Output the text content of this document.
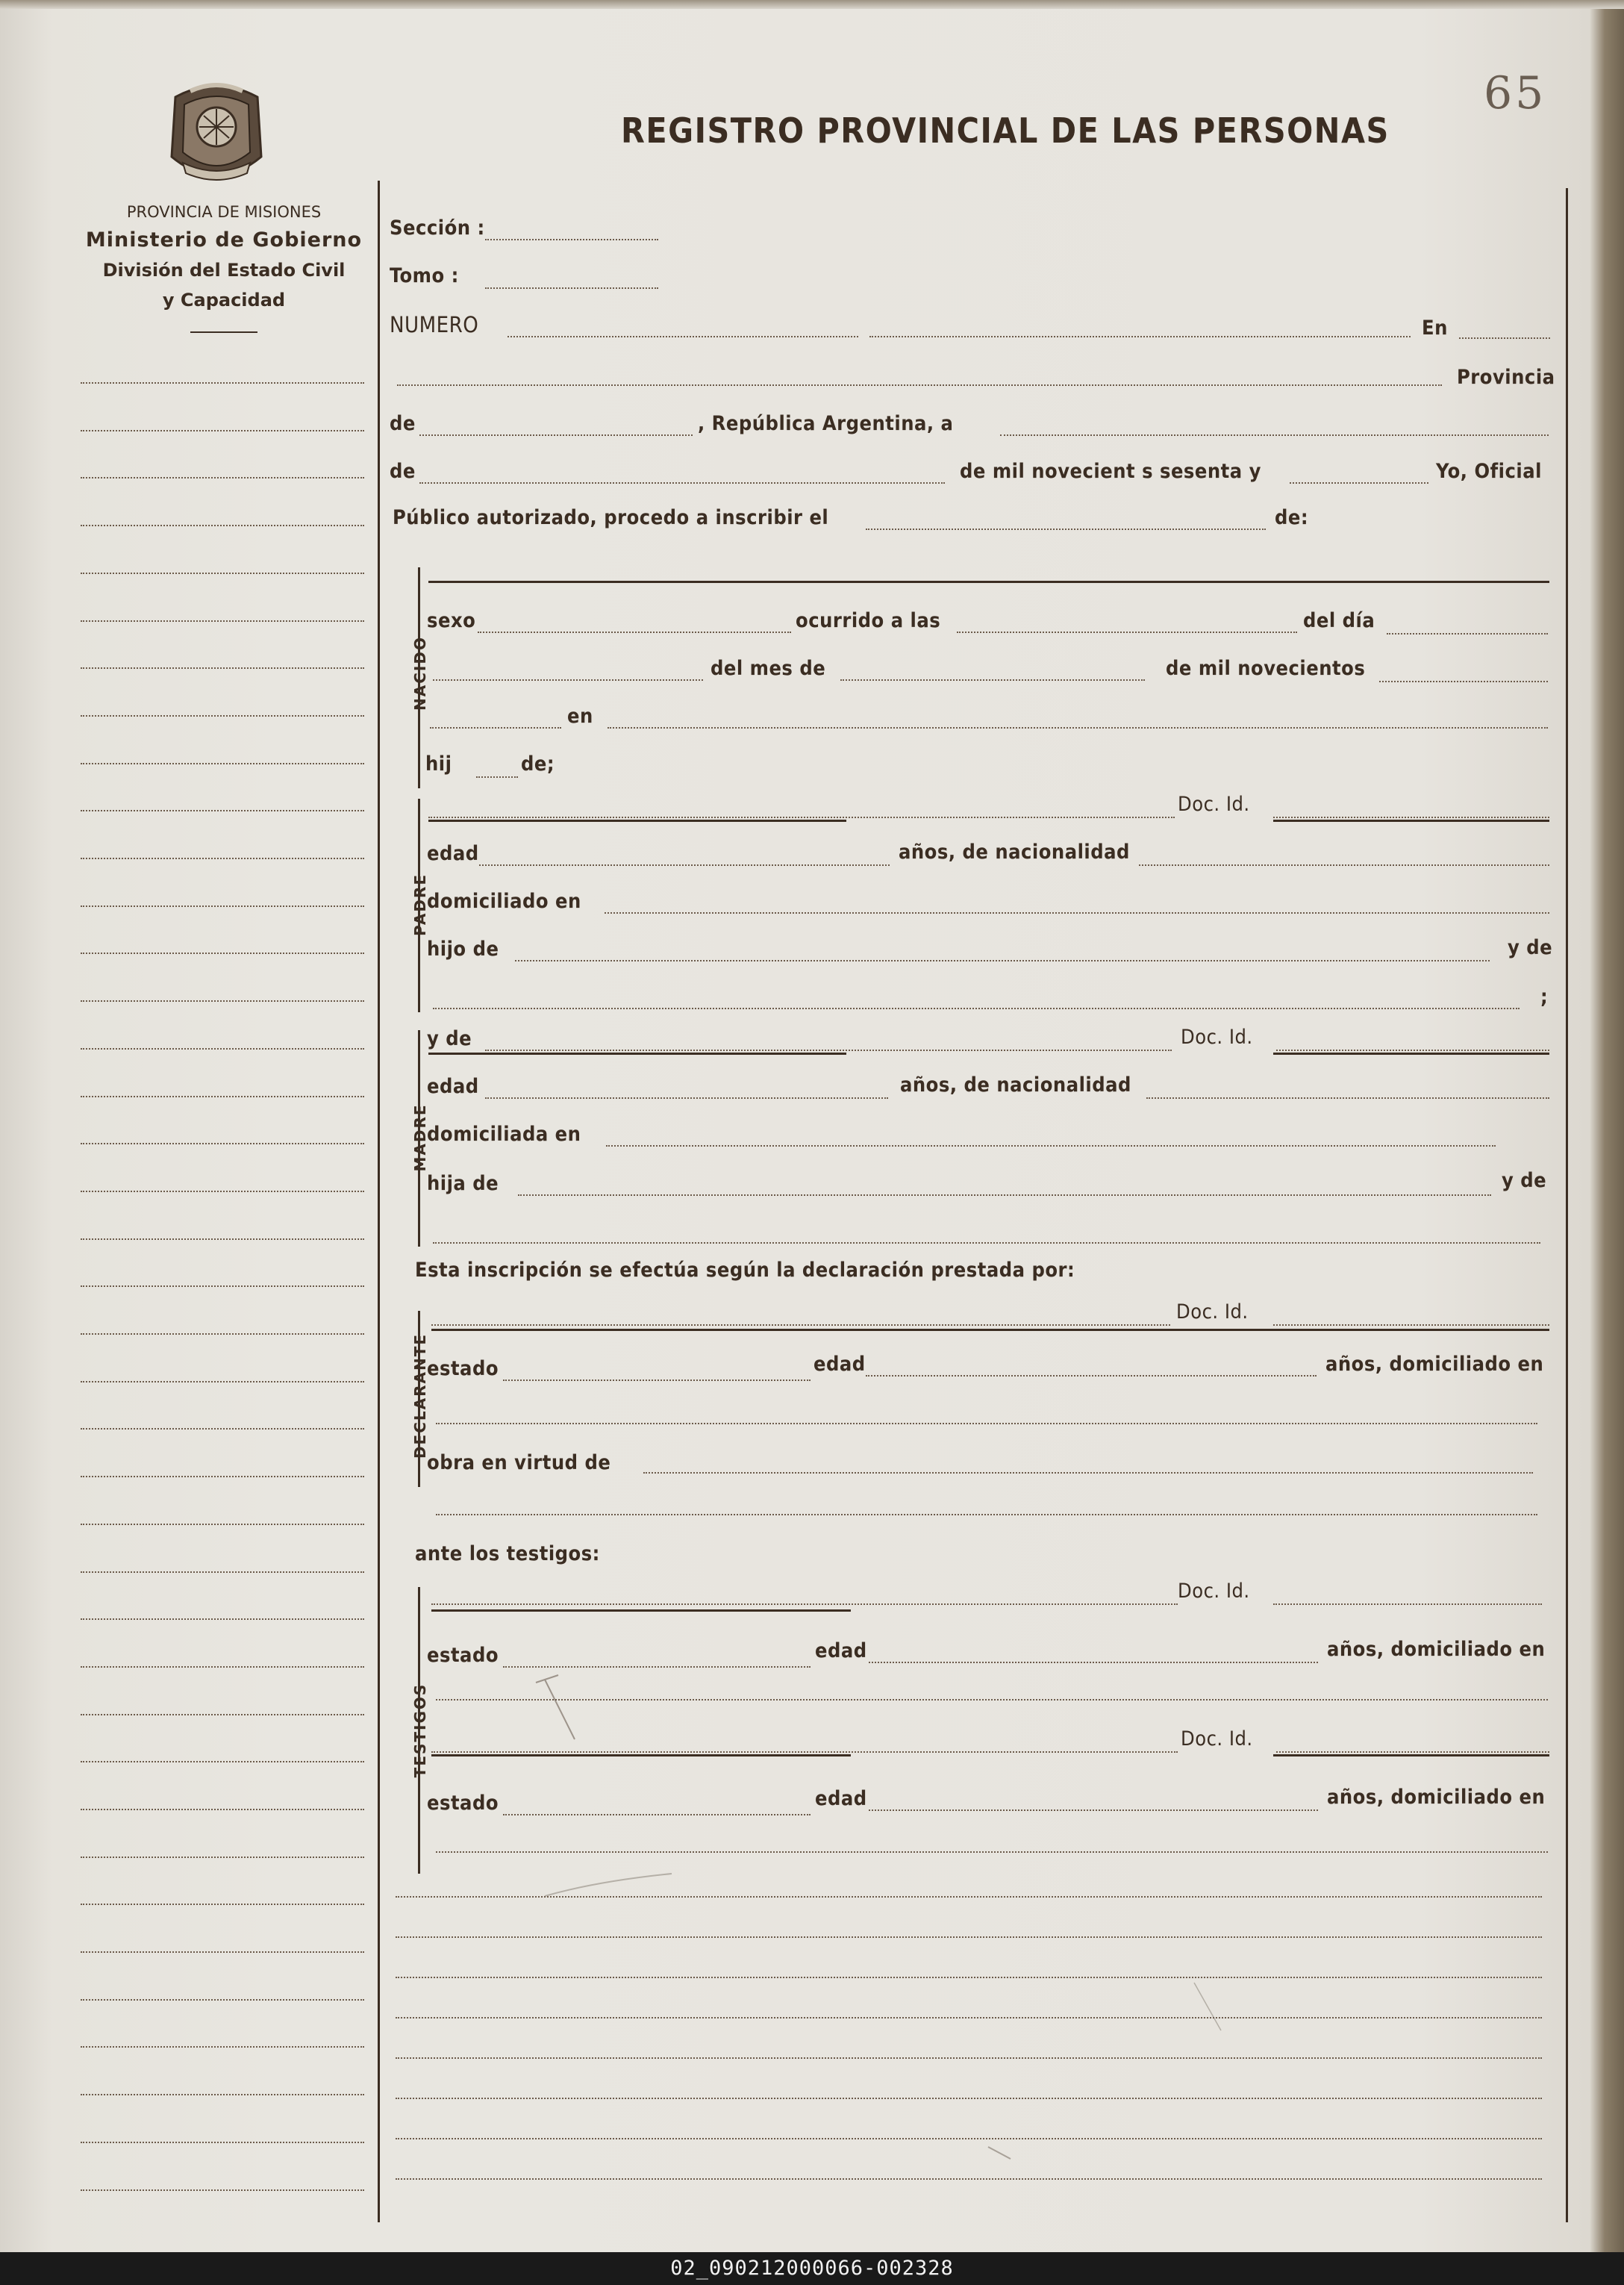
65
REGISTRO PROVINCIAL DE LAS PERSONAS
PROVINCIA DE MISIONES
Ministerio de Gobierno
División del Estado Civil
y Capacidad
Sección :
Tomo :
NUMERO	En
Provincia
de	, República Argentina, a
de	de mil novecient s sesenta y	Yo, Oficial
Público autorizado, procedo a inscribir el	de:
NACIDO
sexo	ocurrido a las	del día
del mes de	de mil novecientos
en
hij	de;
PADRE
Doc. Id.
edad	años, de nacionalidad
domiciliado en
hijo de	y de
;
MADRE
y de	Doc. Id.
edad	años, de nacionalidad
domiciliada en
hija de	y de
Esta inscripción se efectúa según la declaración prestada por:
DECLARANTE
Doc. Id.
estado	edad	años, domiciliado en
obra en virtud de
ante los testigos:
TESTIGOS
Doc. Id.
estado	edad	años, domiciliado en
Doc. Id.
estado	edad	años, domiciliado en
02_090212000066-002328
